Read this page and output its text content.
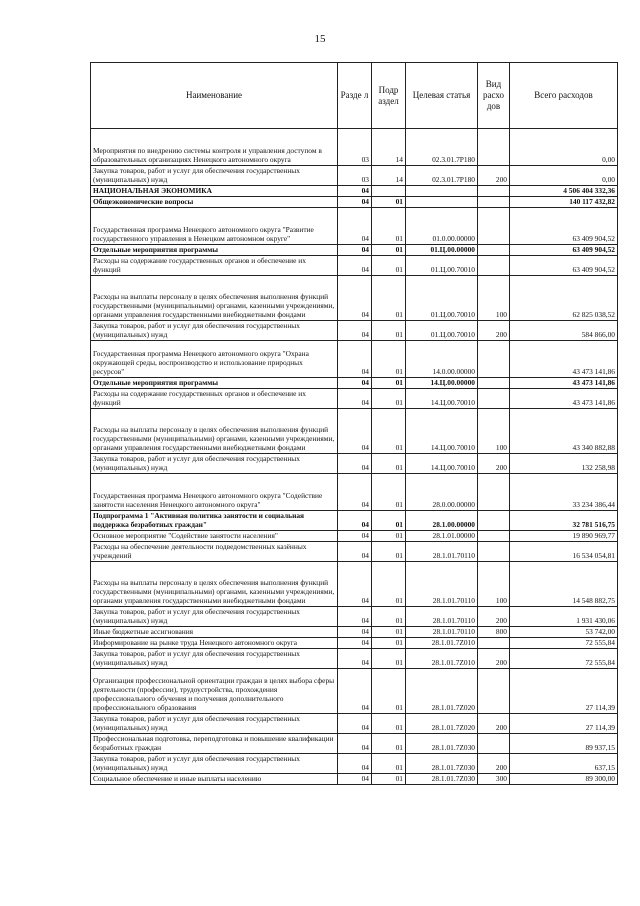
15
Наименование	Разде л	Подр аздел	Целевая статья	Вид расхо дов	Всего расходов
Мероприятия по внедрению системы контроля и управления доступом в образовательных организациях Ненецкого автономного округа	03	14	02.3.01.7Р180		0,00
Закупка товаров, работ и услуг для обеспечения государственных (муниципальных) нужд	03	14	02.3.01.7Р180	200	0,00
НАЦИОНАЛЬНАЯ ЭКОНОМИКА	04				4 506 404 332,36
Общеэкономические вопросы	04	01			140 117 432,82
Государственная программа Ненецкого автономного округа "Развитие государственного управления в Ненецком автономном округе"	04	01	01.0.00.00000		63 409 904,52
Отдельные мероприятия программы	04	01	01.Ц.00.00000		63 409 904,52
Расходы на содержание государственных органов и обеспечение их функций	04	01	01.Ц.00.70010		63 409 904,52
Расходы на выплаты персоналу в целях обеспечения выполнения функций государственными (муниципальными) органами, казенными учреждениями, органами управления государственными внебюджетными фондами	04	01	01.Ц.00.70010	100	62 825 038,52
Закупка товаров, работ и услуг для обеспечения государственных (муниципальных) нужд	04	01	01.Ц.00.70010	200	584 866,00
Государственная программа Ненецкого автономного округа "Охрана окружающей среды, воспроизводство и использование природных ресурсов"	04	01	14.0.00.00000		43 473 141,86
Отдельные мероприятия программы	04	01	14.Ц.00.00000		43 473 141,86
Расходы на содержание государственных органов и обеспечение их функций	04	01	14.Ц.00.70010		43 473 141,86
Расходы на выплаты персоналу в целях обеспечения выполнения функций государственными (муниципальными) органами, казенными учреждениями, органами управления государственными внебюджетными фондами	04	01	14.Ц.00.70010	100	43 340 882,88
Закупка товаров, работ и услуг для обеспечения государственных (муниципальных) нужд	04	01	14.Ц.00.70010	200	132 258,98
Государственная программа Ненецкого автономного округа "Содействие занятости населения Ненецкого автономного округа"	04	01	28.0.00.00000		33 234 386,44
Подпрограмма 1 "Активная политика занятости и социальная поддержка безработных граждан"	04	01	28.1.00.00000		32 781 516,75
Основное мероприятие "Содействие занятости населения"	04	01	28.1.01.00000		19 890 969,77
Расходы на обеспечение деятельности подведомственных казённых учреждений	04	01	28.1.01.70110		16 534 054,81
Расходы на выплаты персоналу в целях обеспечения выполнения функций государственными (муниципальными) органами, казенными учреждениями, органами управления государственными внебюджетными фондами	04	01	28.1.01.70110	100	14 548 882,75
Закупка товаров, работ и услуг для обеспечения государственных (муниципальных) нужд	04	01	28.1.01.70110	200	1 931 430,06
Иные бюджетные ассигнования	04	01	28.1.01.70110	800	53 742,00
Информирование на рынке труда Ненецкого автономного округа	04	01	28.1.01.7Z010		72 555,84
Закупка товаров, работ и услуг для обеспечения государственных (муниципальных) нужд	04	01	28.1.01.7Z010	200	72 555,84
Организация профессиональной ориентации граждан в целях выбора сферы деятельности (профессии), трудоустройства, прохождения профессионального обучения и получения дополнительного профессионального образования	04	01	28.1.01.7Z020		27 114,39
Закупка товаров, работ и услуг для обеспечения государственных (муниципальных) нужд	04	01	28.1.01.7Z020	200	27 114,39
Профессиональная подготовка, переподготовка и повышение квалификации безработных граждан	04	01	28.1.01.7Z030		89 937,15
Закупка товаров, работ и услуг для обеспечения государственных (муниципальных) нужд	04	01	28.1.01.7Z030	200	637,15
Социальное обеспечение и иные выплаты населению	04	01	28.1.01.7Z030	300	89 300,00
